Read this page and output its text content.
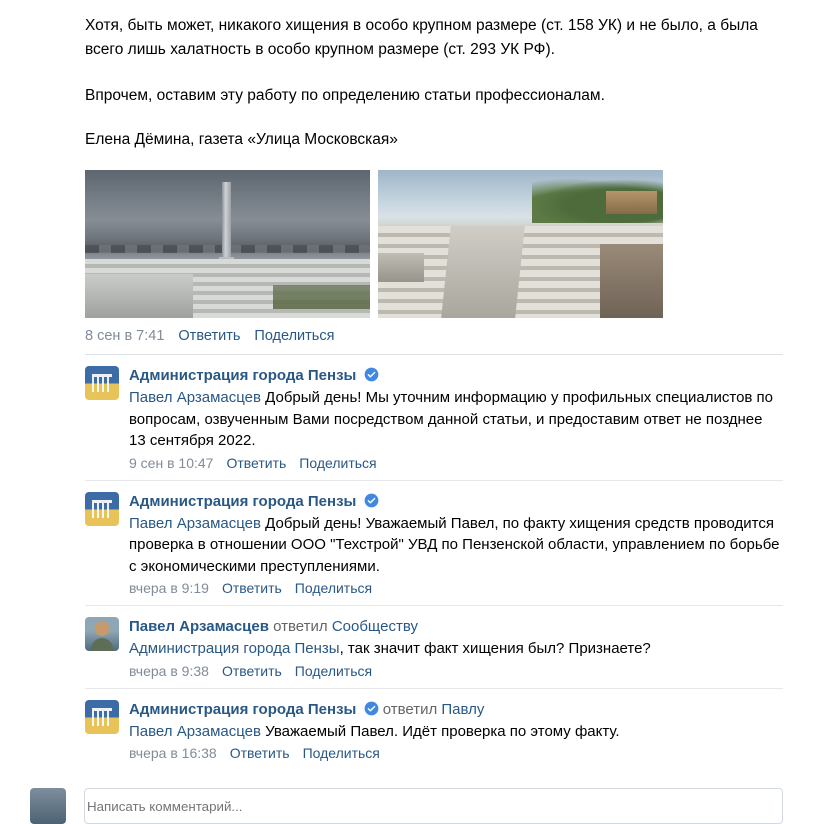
Хотя, быть может, никакого хищения в особо крупном размере (ст. 158 УК) и не было, а была всего лишь халатность в особо крупном размере (ст. 293 УК РФ).

Впрочем, оставим эту работу по определению статьи профессионалам.

Елена Дёмина, газета «Улица Московская»

8 сен в 7:41 Ответить Поделиться
Администрация города Пензы
Павел Арзамасцев Добрый день! Мы уточним информацию у профильных специалистов по вопросам, озвученным Вами посредством данной статьи, и предоставим ответ не позднее 13 сентября 2022.
9 сен в 10:47 Ответить Поделиться
Администрация города Пензы
Павел Арзамасцев Добрый день! Уважаемый Павел, по факту хищения средств проводится проверка в отношении ООО "Техстрой" УВД по Пензенской области, управлением по борьбе с экономическими преступлениями.
вчера в 9:19 Ответить Поделиться
Павел Арзамасцев ответил Сообществу
Администрация города Пензы, так значит факт хищения был? Признаете?
вчера в 9:38 Ответить Поделиться
Администрация города Пензы ответил Павлу
Павел Арзамасцев Уважаемый Павел. Идёт проверка по этому факту.
вчера в 16:38 Ответить Поделиться
Написать комментарий...
